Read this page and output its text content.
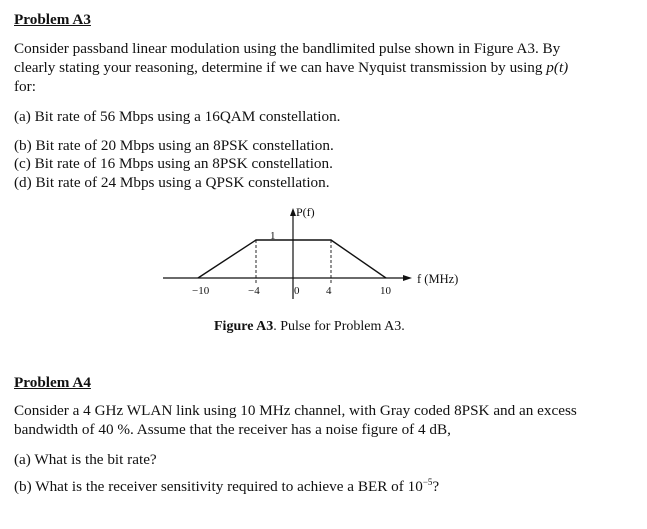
Problem A3
Consider passband linear modulation using the bandlimited pulse shown in Figure A3. By
clearly stating your reasoning, determine if we can have Nyquist transmission by using p(t)
for:
(a) Bit rate of 56 Mbps using a 16QAM constellation.
(b) Bit rate of 20 Mbps using an 8PSK constellation.
(c) Bit rate of 16 Mbps using an 8PSK constellation.
(d) Bit rate of 24 Mbps using a QPSK constellation.
P(f)
1
f (MHz)
−10	−4	0 4	10
Figure A3. Pulse for Problem A3.
Problem A4
Consider a 4 GHz WLAN link using 10 MHz channel, with Gray coded 8PSK and an excess
bandwidth of 40 %. Assume that the receiver has a noise figure of 4 dB,
(a) What is the bit rate?
(b) What is the receiver sensitivity required to achieve a BER of $10^{-5}$?
